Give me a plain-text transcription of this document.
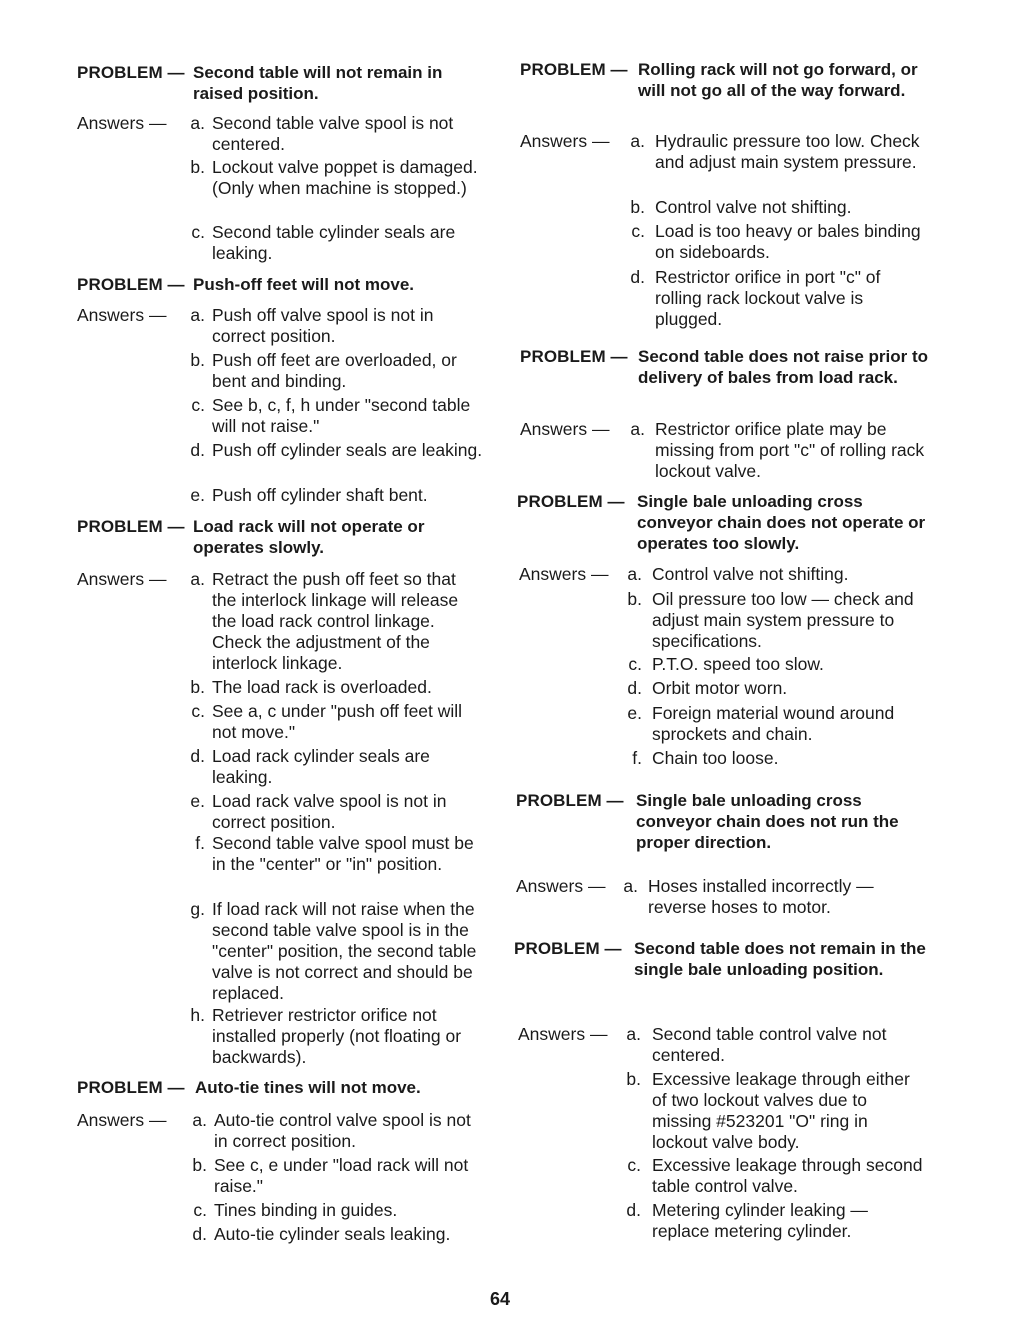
PROBLEM — Second table will not remain in raised position.
Answers —	a. Second table valve spool is not centered.
b. Lockout valve poppet is damaged. (Only when machine is stopped.)
c. Second table cylinder seals are leaking.
PROBLEM — Push-off feet will not move.
Answers —	a. Push off valve spool is not in correct position.
b. Push off feet are overloaded, or bent and binding.
c. See b, c, f, h under "second table will not raise."
d. Push off cylinder seals are leaking.
e. Push off cylinder shaft bent.
PROBLEM — Load rack will not operate or operates slowly.
Answers —	a. Retract the push off feet so that the interlock linkage will release the load rack control linkage. Check the adjustment of the interlock linkage.
b. The load rack is overloaded.
c. See a, c under "push off feet will not move."
d. Load rack cylinder seals are leaking.
e. Load rack valve spool is not in correct position.
f. Second table valve spool must be in the "center" or "in" position.
g. If load rack will not raise when the second table valve spool is in the "center" position, the second table valve is not correct and should be replaced.
h. Retriever restrictor orifice not installed properly (not floating or backwards).
PROBLEM — Auto-tie tines will not move.
Answers —	a. Auto-tie control valve spool is not in correct position.
b. See c, e under "load rack will not raise."
c. Tines binding in guides.
d. Auto-tie cylinder seals leaking.
PROBLEM — Rolling rack will not go forward, or will not go all of the way forward.
Answers —	a. Hydraulic pressure too low. Check and adjust main system pressure.
b. Control valve not shifting.
c. Load is too heavy or bales binding on sideboards.
d. Restrictor orifice in port "c" of rolling rack lockout valve is plugged.
PROBLEM — Second table does not raise prior to delivery of bales from load rack.
Answers —	a. Restrictor orifice plate may be missing from port "c" of rolling rack lockout valve.
PROBLEM — Single bale unloading cross conveyor chain does not operate or operates too slowly.
Answers —	a. Control valve not shifting.
b. Oil pressure too low — check and adjust main system pressure to specifications.
c. P.T.O. speed too slow.
d. Orbit motor worn.
e. Foreign material wound around sprockets and chain.
f. Chain too loose.
PROBLEM — Single bale unloading cross conveyor chain does not run the proper direction.
Answers —	a. Hoses installed incorrectly — reverse hoses to motor.
PROBLEM — Second table does not remain in the single bale unloading position.
Answers —	a. Second table control valve not centered.
b. Excessive leakage through either of two lockout valves due to missing #523201 "O" ring in lockout valve body.
c. Excessive leakage through second table control valve.
d. Metering cylinder leaking — replace metering cylinder.
64
